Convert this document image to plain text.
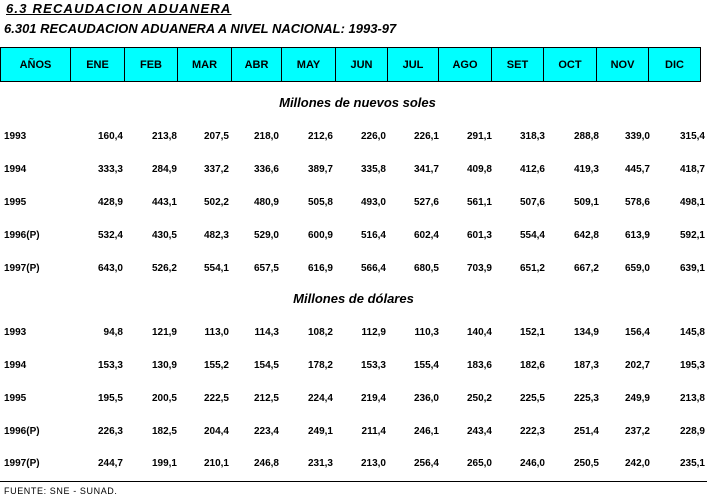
6.3 RECAUDACION ADUANERA
6.301 RECAUDACION ADUANERA A NIVEL NACIONAL: 1993-97
AÑOS	ENE	FEB	MAR	ABR	MAY	JUN	JUL	AGO	SET	OCT	NOV	DIC
Millones de nuevos soles
1993	160,4	213,8	207,5	218,0	212,6	226,0	226,1	291,1	318,3	288,8	339,0	315,4
1994	333,3	284,9	337,2	336,6	389,7	335,8	341,7	409,8	412,6	419,3	445,7	418,7
1995	428,9	443,1	502,2	480,9	505,8	493,0	527,6	561,1	507,6	509,1	578,6	498,1
1996(P)	532,4	430,5	482,3	529,0	600,9	516,4	602,4	601,3	554,4	642,8	613,9	592,1
1997(P)	643,0	526,2	554,1	657,5	616,9	566,4	680,5	703,9	651,2	667,2	659,0	639,1
Millones de dólares
1993	94,8	121,9	113,0	114,3	108,2	112,9	110,3	140,4	152,1	134,9	156,4	145,8
1994	153,3	130,9	155,2	154,5	178,2	153,3	155,4	183,6	182,6	187,3	202,7	195,3
1995	195,5	200,5	222,5	212,5	224,4	219,4	236,0	250,2	225,5	225,3	249,9	213,8
1996(P)	226,3	182,5	204,4	223,4	249,1	211,4	246,1	243,4	222,3	251,4	237,2	228,9
1997(P)	244,7	199,1	210,1	246,8	231,3	213,0	256,4	265,0	246,0	250,5	242,0	235,1
FUENTE: SNE - SUNAD.
